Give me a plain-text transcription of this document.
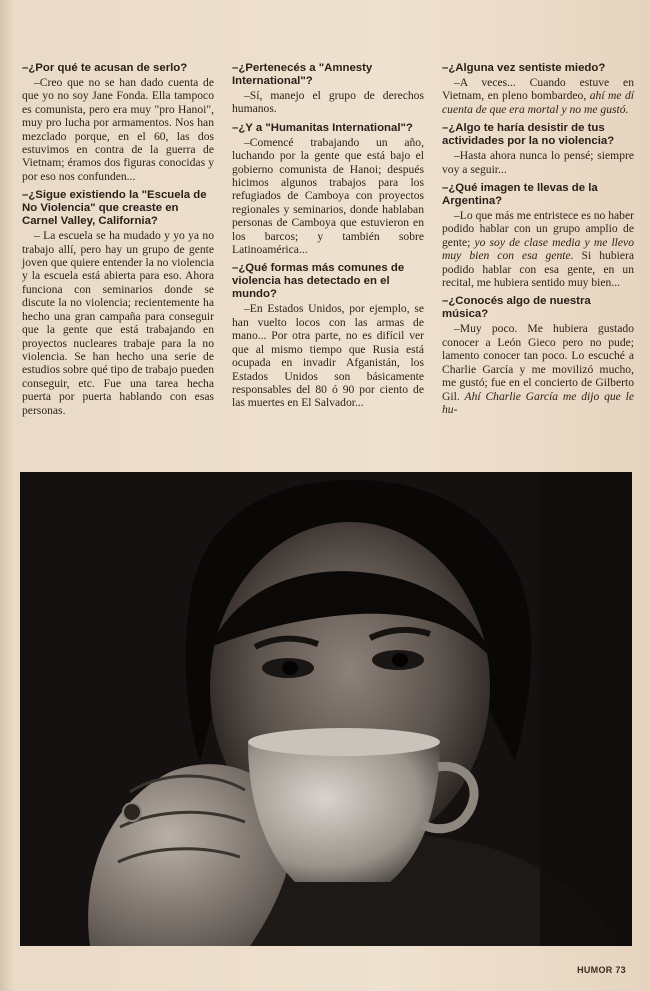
–¿Por qué te acusan de serlo?

–Creo que no se han dado cuenta de que yo no soy Jane Fonda. Ella tampoco es comunista, pero era muy "pro Hanoi", muy pro lucha por armamentos. Nos han mezclado porque, en el 60, las dos estuvimos en contra de la guerra de Vietnam; éramos dos figuras conocidas y por eso nos confunden...

–¿Sigue existiendo la "Escuela de No Violencia" que creaste en Carnel Valley, California?

– La escuela se ha mudado y yo ya no trabajo allí, pero hay un grupo de gente joven que quiere entender la no violencia y la escuela está abierta para eso. Ahora funciona con seminarios donde se discute la no violencia; recientemente ha hecho una gran campaña para conseguir que la gente que está trabajando en proyectos nucleares trabaje para la no violencia. Se han hecho una serie de estudios sobre qué tipo de trabajo pueden conseguir, etc. Fue una tarea hecha puerta por puerta hablando con esas personas.

–¿Pertenecés a "Amnesty International"?

–Sí, manejo el grupo de derechos humanos.

–¿Y a "Humanitas International"?

–Comencé trabajando un año, luchando por la gente que está bajo el gobierno comunista de Hanoi; después hicimos algunos trabajos para los refugiados de Camboya con proyectos regionales y seminarios, donde hablaban personas de Camboya que estuvieron en los barcos; y también sobre Latinoamérica...

–¿Qué formas más comunes de violencia has detectado en el mundo?

–En Estados Unidos, por ejemplo, se han vuelto locos con las armas de mano... Por otra parte, no es difícil ver que al mismo tiempo que Rusia está ocupada en invadir Afganistán, los Estados Unidos son básicamente responsables del 80 ó 90 por ciento de las muertes en El Salvador...

–¿Alguna vez sentiste miedo?

–A veces... Cuando estuve en Vietnam, en pleno bombardeo, ahí me dí cuenta de que era mortal y no me gustó.

–¿Algo te haría desistir de tus actividades por la no violencia?

–Hasta ahora nunca lo pensé; siempre voy a seguir...

–¿Qué imagen te llevas de la Argentina?

–Lo que más me entristece es no haber podido hablar con un grupo amplio de gente; yo soy de clase media y me llevo muy bien con esa gente. Si hubiera podido hablar con esa gente, en un recital, me hubiera sentido muy bien...

–¿Conocés algo de nuestra música?

–Muy poco. Me hubiera gustado conocer a León Gieco pero no pude; lamento conocer tan poco. Lo escuché a Charlie García y me movilizó mucho, me gustó; fue en el concierto de Gilberto Gil. Ahí Charlie García me dijo que le hu-

HUMOR 73
